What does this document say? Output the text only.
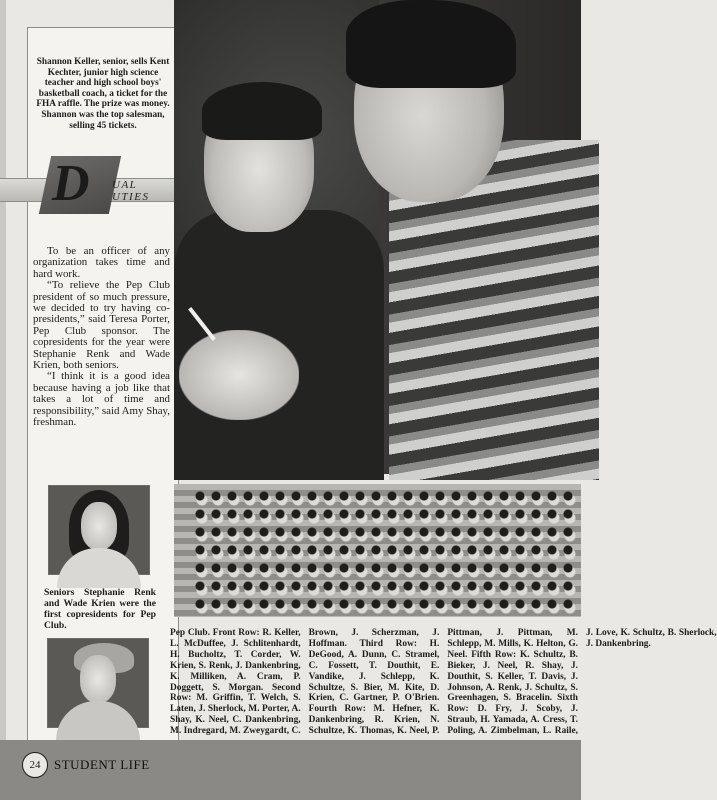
Shannon Keller, senior, sells Kent Kechter, junior high science teacher and high school boys' basketball coach, a ticket for the FHA raffle. The prize was money. Shannon was the top salesman, selling 45 tickets.
D UAL
UTIES

To be an officer of any organization takes time and hard work.

“To relieve the Pep Club president of so much pressure, we decided to try having co-presidents,” said Teresa Porter, Pep Club sponsor. The copresidents for the year were Stephanie Renk and Wade Krien, both seniors.

“I think it is a good idea because having a job like that takes a lot of time and responsibility,” said Amy Shay, freshman.

Seniors Stephanie Renk and Wade Krien were the first copresidents for Pep Club.
Pep Club. Front Row: R. Keller, L. McDuffee, J. Schlitenhardt, H. Bucholtz, T. Corder, W. Krien, S. Renk, J. Dankenbring, K. Milliken, A. Cram, P. Doggett, S. Morgan. Second Row: M. Griffin, T. Welch, S. Laten, J. Sherlock, M. Porter, A. Shay, K. Neel, C. Dankenbring, M. Indregard, M. Zweygardt, C. Brown, J. Scherzman, J. Hoffman. Third Row: H. DeGood, A. Dunn, C. Stramel, C. Fossett, T. Douthit, E. Vandike, J. Schlepp, K. Schultze, S. Bier, M. Kite, D. Krien, C. Gartner, P. O'Brien. Fourth Row: M. Hefner, K. Dankenbring, R. Krien, N. Schultze, K. Thomas, K. Neel, P. Pittman, J. Pittman, M. Schlepp, M. Mills, K. Helton, G. Neel. Fifth Row: K. Schultz, B. Bieker, J. Neel, R. Shay, J. Douthit, S. Keller, T. Davis, J. Johnson, A. Renk, J. Schultz, S. Greenhagen, S. Bracelin. Sixth Row: D. Fry, J. Scoby, J. Straub, H. Yamada, A. Cress, T. Poling, A. Zimbelman, L. Raile, J. Love, K. Schultz, B. Sherlock, J. Dankenbring.
24	STUDENT LIFE
